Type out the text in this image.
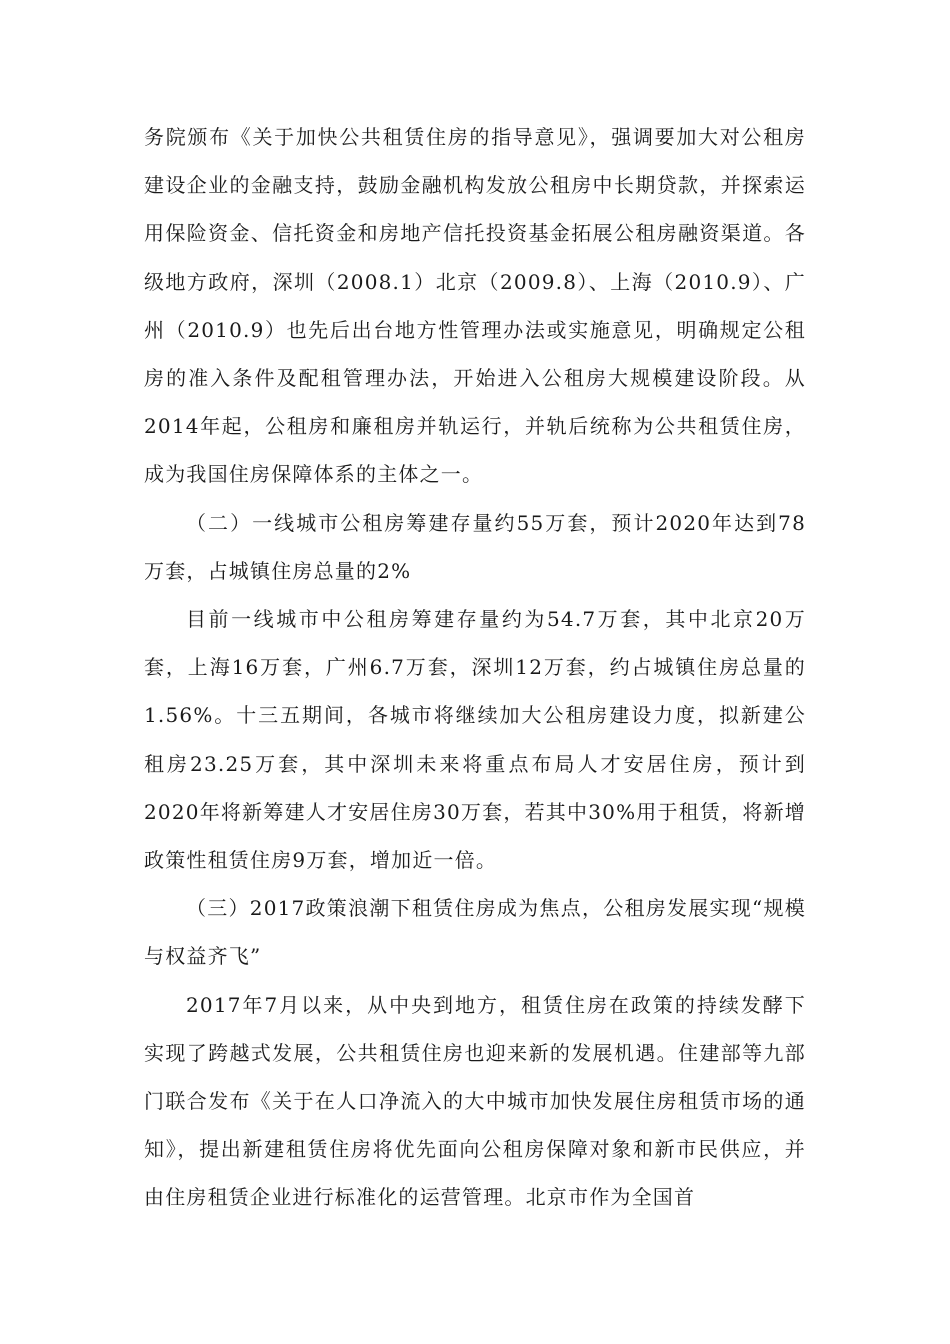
务院颁布《关于加快公共租赁住房的指导意见》，强调要加大对公租房建设企业的金融支持，鼓励金融机构发放公租房中长期贷款，并探索运用保险资金、信托资金和房地产信托投资基金拓展公租房融资渠道。各级地方政府，深圳（2008.1）北京（2009.8）、上海（2010.9）、广州（2010.9）也先后出台地方性管理办法或实施意见，明确规定公租房的准入条件及配租管理办法，开始进入公租房大规模建设阶段。从2014年起，公租房和廉租房并轨运行，并轨后统称为公共租赁住房，成为我国住房保障体系的主体之一。

（二）一线城市公租房筹建存量约55万套，预计2020年达到78万套，占城镇住房总量的2%

目前一线城市中公租房筹建存量约为54.7万套，其中北京20万套，上海16万套，广州6.7万套，深圳12万套，约占城镇住房总量的1.56%。十三五期间，各城市将继续加大公租房建设力度，拟新建公租房23.25万套，其中深圳未来将重点布局人才安居住房，预计到2020年将新筹建人才安居住房30万套，若其中30%用于租赁，将新增政策性租赁住房9万套，增加近一倍。

（三）2017政策浪潮下租赁住房成为焦点，公租房发展实现“规模与权益齐飞”

2017年7月以来，从中央到地方，租赁住房在政策的持续发酵下实现了跨越式发展，公共租赁住房也迎来新的发展机遇。住建部等九部门联合发布《关于在人口净流入的大中城市加快发展住房租赁市场的通知》，提出新建租赁住房将优先面向公租房保障对象和新市民供应，并由住房租赁企业进行标准化的运营管理。北京市作为全国首
